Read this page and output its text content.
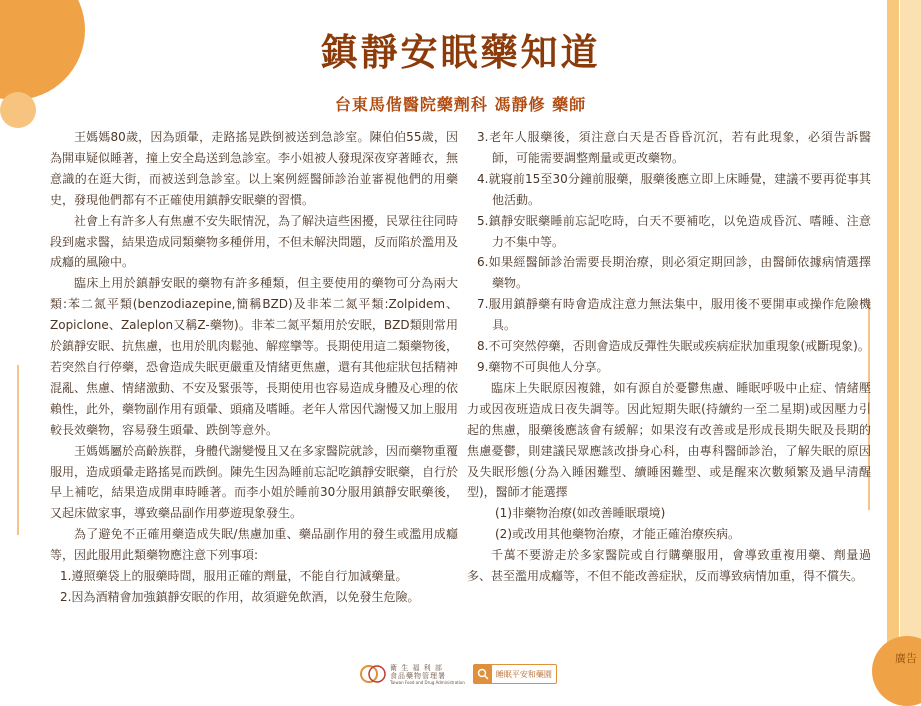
廣告
鎮靜安眠藥知道
台東馬偕醫院藥劑科 馮靜修 藥師

王媽媽80歲，因為頭暈，走路搖晃跌倒被送到急診室。陳伯伯55歲，因為開車疑似睡著，撞上安全島送到急診室。李小姐被人發現深夜穿著睡衣，無意識的在逛大街，而被送到急診室。以上案例經醫師診治並審視他們的用藥史，發現他們都有不正確使用鎮靜安眠藥的習慣。

社會上有許多人有焦慮不安失眠情況，為了解決這些困擾，民眾往往同時段到處求醫，結果造成同類藥物多種併用，不但未解決問題，反而陷於濫用及成癮的風險中。

臨床上用於鎮靜安眠的藥物有許多種類，但主要使用的藥物可分為兩大類:苯二氮平類(benzodiazepine,簡稱BZD)及非苯二氮平類:Zolpidem、Zopiclone、Zaleplon又稱Z-藥物)。非苯二氮平類用於安眠，BZD類則常用於鎮靜安眠、抗焦慮，也用於肌肉鬆弛、解痙攣等。長期使用這二類藥物後，若突然自行停藥，恐會造成失眠更嚴重及情緒更焦慮，還有其他症狀包括精神混亂、焦慮、情緒激動、不安及緊張等，長期使用也容易造成身體及心理的依賴性，此外，藥物副作用有頭暈、頭痛及嗜睡。老年人常因代謝慢又加上服用較長效藥物，容易發生頭暈、跌倒等意外。

王媽媽屬於高齡族群，身體代謝變慢且又在多家醫院就診，因而藥物重覆服用，造成頭暈走路搖晃而跌倒。陳先生因為睡前忘記吃鎮靜安眠藥，自行於早上補吃，結果造成開車時睡著。而李小姐於睡前30分服用鎮靜安眠藥後，又起床做家事，導致藥品副作用夢遊現象發生。

為了避免不正確用藥造成失眠/焦慮加重、藥品副作用的發生或濫用成癮等，因此服用此類藥物應注意下列事項:

1.遵照藥袋上的服藥時間，服用正確的劑量，不能自行加減藥量。
2.因為酒精會加強鎮靜安眠的作用，故須避免飲酒，以免發生危險。
3.老年人服藥後，須注意白天是否昏昏沉沉，若有此現象，必須告訴醫師，可能需要調整劑量或更改藥物。
4.就寢前15至30分鐘前服藥，服藥後應立即上床睡覺，建議不要再從事其他活動。
5.鎮靜安眠藥睡前忘記吃時，白天不要補吃，以免造成昏沉、嗜睡、注意力不集中等。
6.如果經醫師診治需要長期治療，則必須定期回診，由醫師依據病情選擇藥物。
7.服用鎮靜藥有時會造成注意力無法集中，服用後不要開車或操作危險機具。
8.不可突然停藥，否則會造成反彈性失眠或疾病症狀加重現象(戒斷現象)。
9.藥物不可與他人分享。

臨床上失眠原因複雜，如有源自於憂鬱焦慮、睡眠呼吸中止症、情緒壓力或因夜班造成日夜失調等。因此短期失眠(持續約一至二星期)或因壓力引起的焦慮，服藥後應該會有緩解；如果沒有改善或是形成長期失眠及長期的焦慮憂鬱，則建議民眾應該改掛身心科，由專科醫師診治，了解失眠的原因及失眠形態(分為入睡困難型、續睡困難型、或是醒來次數頻繁及過早清醒型)，醫師才能選擇

(1)非藥物治療(如改善睡眠環境)
(2)或改用其他藥物治療，才能正確治療疾病。

千萬不要游走於多家醫院或自行購藥服用，會導致重複用藥、劑量過多、甚至濫用成癮等，不但不能改善症狀，反而導致病情加重，得不償失。

衛 生 福 利 部
食品藥物管理署
Taiwan Food and Drug Administration
睡眠平安和藥園
